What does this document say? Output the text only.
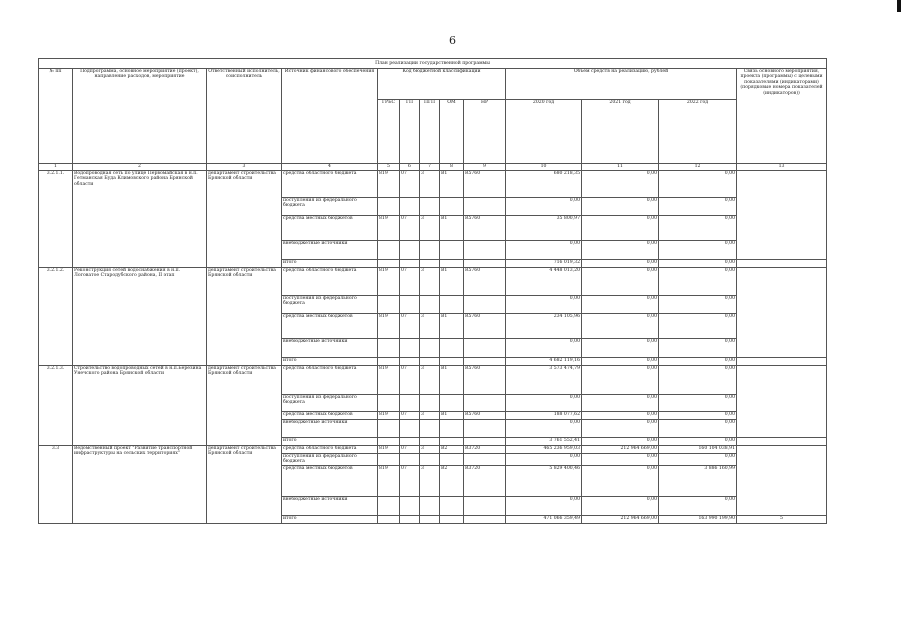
6
План реализации государственной программы												
№ пп	Подпрограмма, основное мероприятие (проект), направление расходов, мероприятие	Ответственный исполнитель, соисполнитель	Источник финансового обеспечения	Код бюджетной классификации					Объем средств на реализацию, рублей			Связь основного мероприятия, проекта (программы) с целевыми показателями (индикаторами) (порядковые номера показателей (индикаторов))
				ГРБС	ГП	ПГП	ОМ	НР	2020 год	2021 год	2022 год	
1	2	3	4	5	6	7	8	9	10	11	12	13
3.2.1.1.	Водопроводная сеть по улице Первомайская в н.п. Гетманская Буда Климовского района Брянской области	департамент строительства Брянской области	средства областного бюджета	819	07	3	В1	R5760	680 218,35	0,00	0,00	
			поступления из федерального бюджета						0,00	0,00	0,00	
			средства местных бюджетов	819	07	3	В1	R5760	35 800,97	0,00	0,00	
			внебюджетные источники						0,00	0,00	0,00	
			итого						716 019,32	0,00	0,00	
3.2.1.2.	Реконструкция сетей водоснабжения в н.п. Логоватое Стародубского района, II этап	департамент строительства Брянской области	средства областного бюджета	819	07	3	В1	R5760	4 448 013,20	0,00	0,00	
			поступления из федерального бюджета						0,00	0,00	0,00	
			средства местных бюджетов	819	07	3	В1	R5760	234 105,96	0,00	0,00	
			внебюджетные источники						0,00	0,00	0,00	
			итого						4 682 119,16	0,00	0,00	
3.2.1.3.	Строительство водопроводных сетей в н.п.Березина Унечского района Брянской области	департамент строительства Брянской области	средства областного бюджета	819	07	3	В1	R5760	3 573 474,79	0,00	0,00	
			поступления из федерального бюджета						0,00	0,00	0,00	
			средства местных бюджетов	819	07	3	В1	R5760	188 077,62	0,00	0,00	
			внебюджетные источники						0,00	0,00	0,00	
			итого						3 761 552,41	0,00	0,00	
3.3	Ведомственный проект "Развитие транспортной инфраструктуры на сельских территориях"	департамент строительства Брянской области	средства областного бюджета	819	07	3	В2	R3720	465 236 959,03	212 964 669,00	160 104 038,91	
			поступления из федерального бюджета						0,00	0,00	0,00	
			средства местных бюджетов	819	07	3	В2	R3720	5 829 400,46	0,00	3 886 160,99	
			внебюджетные источники						0,00	0,00	0,00	
			итого						471 066 359,49	212 964 669,00	163 990 199,90	5
